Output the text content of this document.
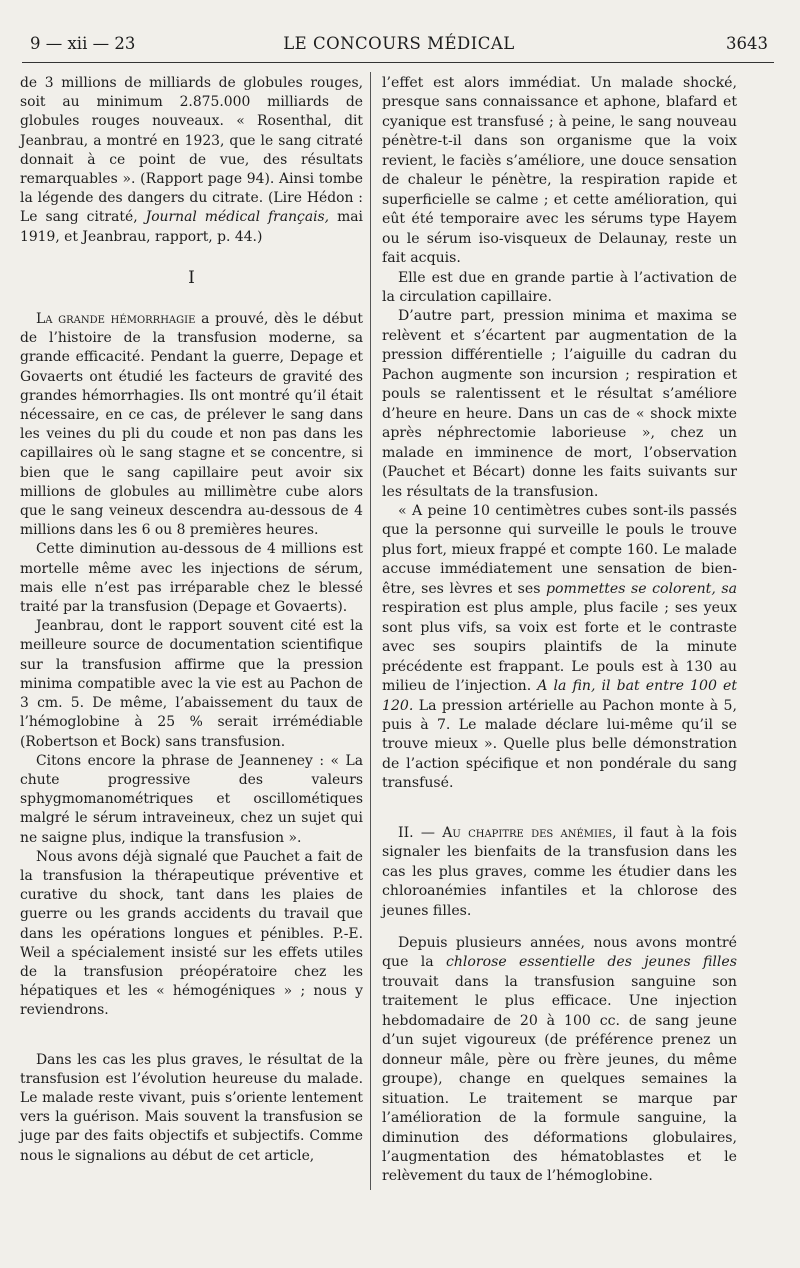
9 — xii — 23	LE CONCOURS MÉDICAL	3643

de 3 millions de milliards de globules rouges, soit au minimum 2.875.000 milliards de globules rouges nouveaux. « Rosenthal, dit Jeanbrau, a montré en 1923, que le sang citraté donnait à ce point de vue, des résultats remarquables ». (Rapport page 94). Ainsi tombe la légende des dangers du citrate. (Lire Hédon : Le sang citraté, Journal médical français, mai 1919, et Jeanbrau, rapport, p. 44.)

I

La grande hémorrhagie a prouvé, dès le début de l’histoire de la transfusion moderne, sa grande efficacité. Pendant la guerre, Depage et Govaerts ont étudié les facteurs de gravité des grandes hémorrhagies. Ils ont montré qu’il était nécessaire, en ce cas, de prélever le sang dans les veines du pli du coude et non pas dans les capillaires où le sang stagne et se concentre, si bien que le sang capillaire peut avoir six millions de globules au millimètre cube alors que le sang veineux descendra au-dessous de 4 millions dans les 6 ou 8 premières heures.

Cette diminution au-dessous de 4 millions est mortelle même avec les injections de sérum, mais elle n’est pas irréparable chez le blessé traité par la transfusion (Depage et Govaerts).

Jeanbrau, dont le rapport souvent cité est la meilleure source de documentation scientifique sur la transfusion affirme que la pression minima compatible avec la vie est au Pachon de 3 cm. 5. De même, l’abaissement du taux de l’hémoglobine à 25 % serait irrémédiable (Robertson et Bock) sans transfusion.

Citons encore la phrase de Jeanneney : « La chute progressive des valeurs sphygmomanométriques et oscillométiques malgré le sérum intraveineux, chez un sujet qui ne saigne plus, indique la transfusion ».

Nous avons déjà signalé que Pauchet a fait de la transfusion la thérapeutique préventive et curative du shock, tant dans les plaies de guerre ou les grands accidents du travail que dans les opérations longues et pénibles. P.-E. Weil a spécialement insisté sur les effets utiles de la transfusion préopératoire chez les hépatiques et les « hémogéniques » ; nous y reviendrons.

Dans les cas les plus graves, le résultat de la transfusion est l’évolution heureuse du malade. Le malade reste vivant, puis s’oriente lentement vers la guérison. Mais souvent la transfusion se juge par des faits objectifs et subjectifs. Comme nous le signalions au début de cet article,

l’effet est alors immédiat. Un malade shocké, presque sans connaissance et aphone, blafard et cyanique est transfusé ; à peine, le sang nouveau pénètre-t-il dans son organisme que la voix revient, le faciès s’améliore, une douce sensation de chaleur le pénètre, la respiration rapide et superficielle se calme ; et cette amélioration, qui eût été temporaire avec les sérums type Hayem ou le sérum iso-visqueux de Delaunay, reste un fait acquis.

Elle est due en grande partie à l’activation de la circulation capillaire.

D’autre part, pression minima et maxima se relèvent et s’écartent par augmentation de la pression différentielle ; l’aiguille du cadran du Pachon augmente son incursion ; respiration et pouls se ralentissent et le résultat s’améliore d’heure en heure. Dans un cas de « shock mixte après néphrectomie laborieuse », chez un malade en imminence de mort, l’observation (Pauchet et Bécart) donne les faits suivants sur les résultats de la transfusion.

« A peine 10 centimètres cubes sont-ils passés que la personne qui surveille le pouls le trouve plus fort, mieux frappé et compte 160. Le malade accuse immédiatement une sensation de bien-être, ses lèvres et ses pommettes se colorent, sa respiration est plus ample, plus facile ; ses yeux sont plus vifs, sa voix est forte et le contraste avec ses soupirs plaintifs de la minute précédente est frappant. Le pouls est à 130 au milieu de l’injection. A la fin, il bat entre 100 et 120. La pression artérielle au Pachon monte à 5, puis à 7. Le malade déclare lui-même qu’il se trouve mieux ». Quelle plus belle démonstration de l’action spécifique et non pondérale du sang transfusé.

II. — Au chapitre des anémies, il faut à la fois signaler les bienfaits de la transfusion dans les cas les plus graves, comme les étudier dans les chloroanémies infantiles et la chlorose des jeunes filles.

Depuis plusieurs années, nous avons montré que la chlorose essentielle des jeunes filles trouvait dans la transfusion sanguine son traitement le plus efficace. Une injection hebdomadaire de 20 à 100 cc. de sang jeune d’un sujet vigoureux (de préférence prenez un donneur mâle, père ou frère jeunes, du même groupe), change en quelques semaines la situation. Le traitement se marque par l’amélioration de la formule sanguine, la diminution des déformations globulaires, l’augmentation des hématoblastes et le relèvement du taux de l’hémoglobine.
